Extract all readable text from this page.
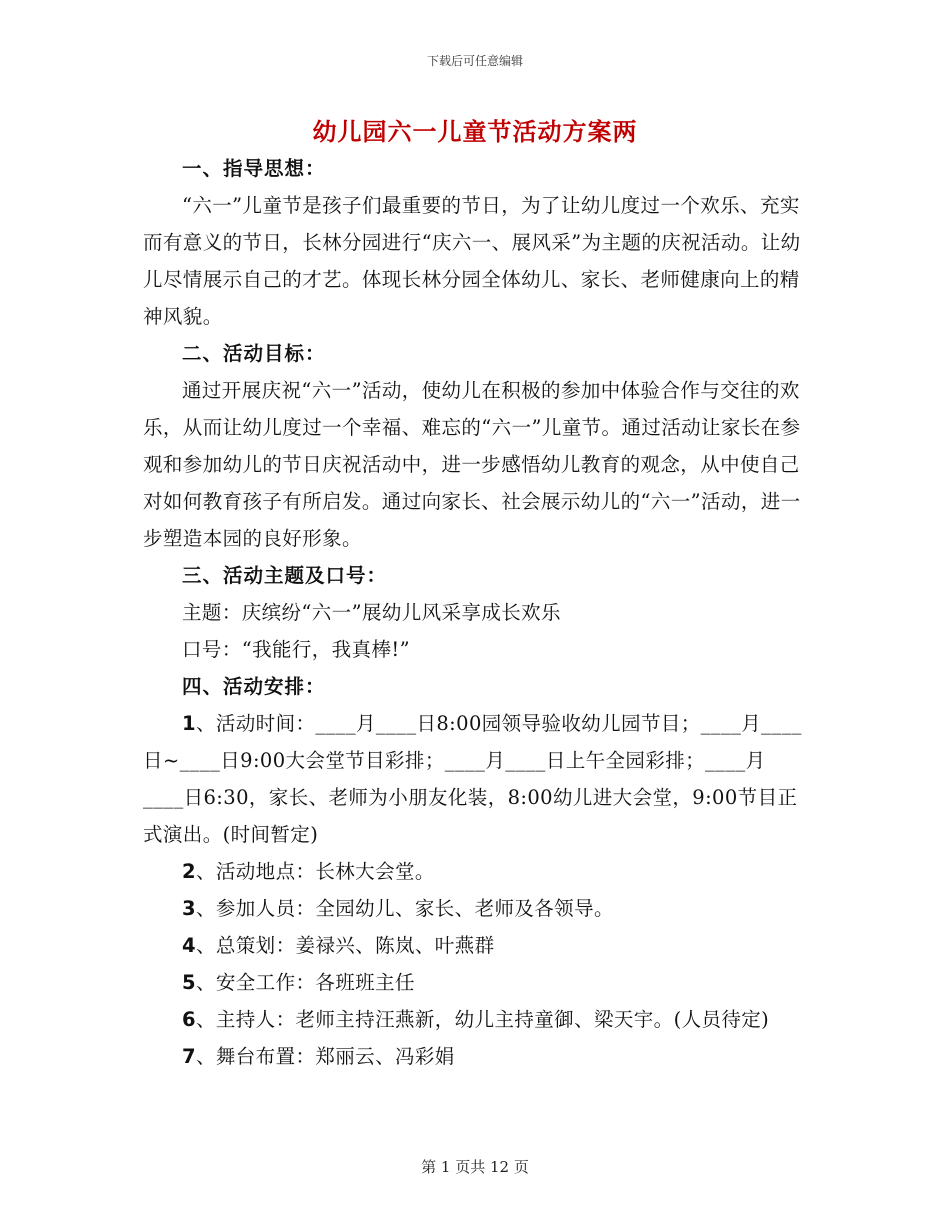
下载后可任意编辑
幼儿园六一儿童节活动方案两

一、指导思想：

“六一”儿童节是孩子们最重要的节日，为了让幼儿度过一个欢乐、充实而有意义的节日，长林分园进行“庆六一、展风采”为主题的庆祝活动。让幼儿尽情展示自己的才艺。体现长林分园全体幼儿、家长、老师健康向上的精神风貌。

二、活动目标：

通过开展庆祝“六一”活动，使幼儿在积极的参加中体验合作与交往的欢乐，从而让幼儿度过一个幸福、难忘的“六一”儿童节。通过活动让家长在参观和参加幼儿的节日庆祝活动中，进一步感悟幼儿教育的观念，从中使自己对如何教育孩子有所启发。通过向家长、社会展示幼儿的“六一”活动，进一步塑造本园的良好形象。

三、活动主题及口号：

主题：庆缤纷“六一”展幼儿风采享成长欢乐

口号：“我能行，我真棒!”

四、活动安排：

1、活动时间：____月____日8:00园领导验收幼儿园节目；____月____日~____日9:00大会堂节目彩排；____月____日上午全园彩排；____月____日6:30，家长、老师为小朋友化装，8:00幼儿进大会堂，9:00节目正式演出。(时间暂定)

2、活动地点：长林大会堂。

3、参加人员：全园幼儿、家长、老师及各领导。

4、总策划：姜禄兴、陈岚、叶燕群

5、安全工作：各班班主任

6、主持人：老师主持汪燕新，幼儿主持童御、梁天宇。(人员待定)

7、舞台布置：郑丽云、冯彩娟

第 1 页共 12 页
